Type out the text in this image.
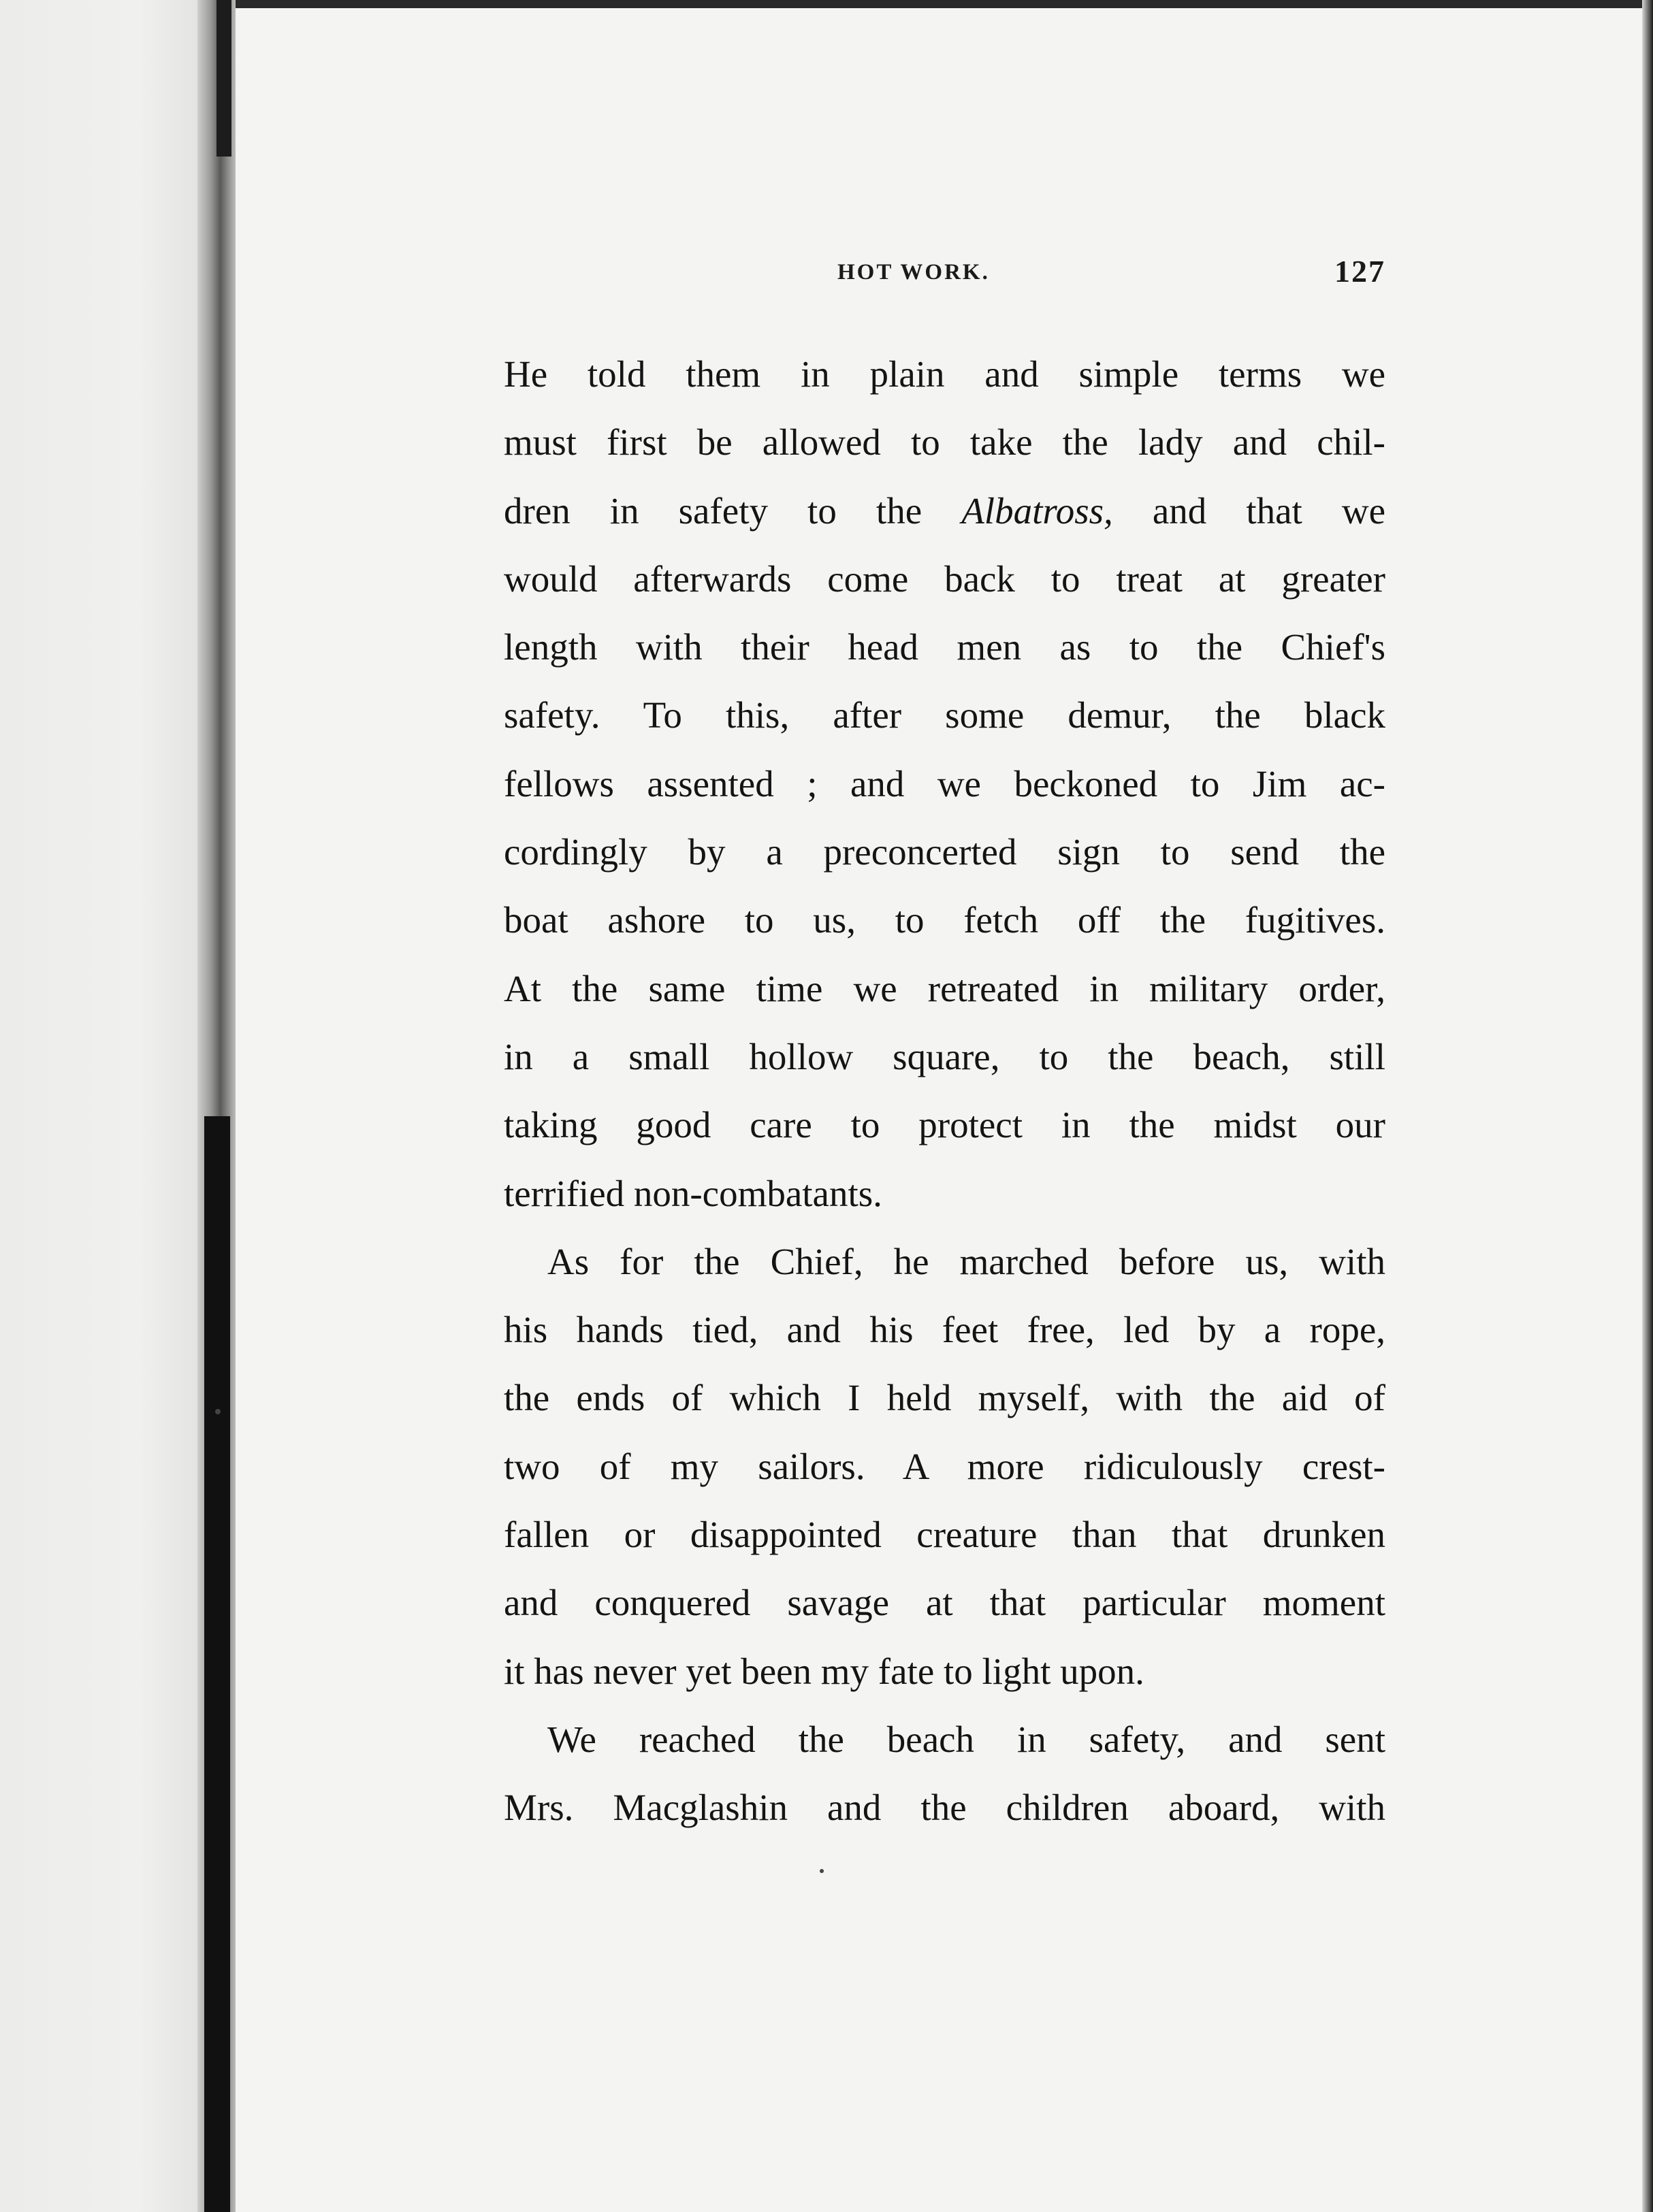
HOT WORK.	127
He told them in plain and simple terms we
must first be allowed to take the lady and chil-
dren in safety to the Albatross, and that we
would afterwards come back to treat at greater
length with their head men as to the Chief's
safety. To this, after some demur, the black
fellows assented ; and we beckoned to Jim ac-
cordingly by a preconcerted sign to send the
boat ashore to us, to fetch off the fugitives.
At the same time we retreated in military order,
in a small hollow square, to the beach, still
taking good care to protect in the midst our
terrified non-combatants.
As for the Chief, he marched before us, with
his hands tied, and his feet free, led by a rope,
the ends of which I held myself, with the aid of
two of my sailors. A more ridiculously crest-
fallen or disappointed creature than that drunken
and conquered savage at that particular moment
it has never yet been my fate to light upon.
We reached the beach in safety, and sent
Mrs. Macglashin and the children aboard, with
